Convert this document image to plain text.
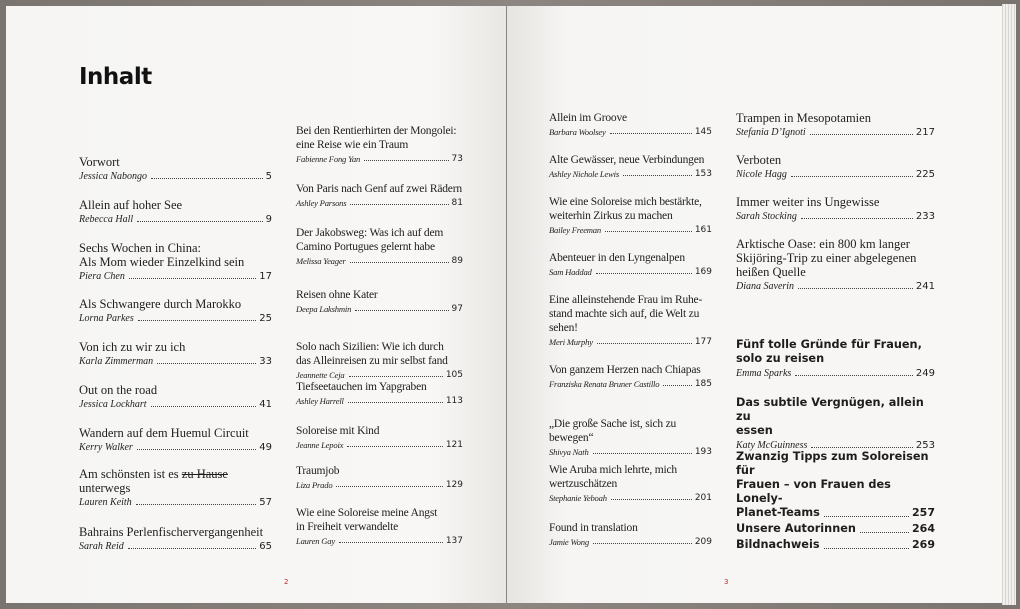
Inhalt
Vorwort
Jessica Nabongo	5
Allein auf hoher See
Rebecca Hall	9
Sechs Wochen in China:
Als Mom wieder Einzelkind sein
Piera Chen	17
Als Schwangere durch Marokko
Lorna Parkes	25
Von ich zu wir zu ich
Karla Zimmerman	33
Out on the road
Jessica Lockhart	41
Wandern auf dem Huemul Circuit
Kerry Walker	49
Am schönsten ist es zu Hause
unterwegs
Lauren Keith	57
Bahrains Perlenfischervergangenheit
Sarah Reid	65
Bei den Rentierhirten der Mongolei:
eine Reise wie ein Traum
Fabienne Fong Yan	73
Von Paris nach Genf auf zwei Rädern
Ashley Parsons	81
Der Jakobsweg: Was ich auf dem
Camino Portugues gelernt habe
Melissa Yeager	89
Reisen ohne Kater
Deepa Lakshmin	97
Solo nach Sizilien: Wie ich durch
das Alleinreisen zu mir selbst fand
Jeannette Ceja	105
Tiefseetauchen im Yapgraben
Ashley Harrell	113
Soloreise mit Kind
Jeanne Lepoix	121
Traumjob
Liza Prado	129
Wie eine Soloreise meine Angst
in Freiheit verwandelte
Lauren Gay	137
Allein im Groove
Barbara Woolsey	145
Alte Gewässer, neue Verbindungen
Ashley Nichole Lewis	153
Wie eine Soloreise mich bestärkte,
weiterhin Zirkus zu machen
Bailey Freeman	161
Abenteuer in den Lyngenalpen
Sam Haddad	169
Eine alleinstehende Frau im Ruhe-
stand machte sich auf, die Welt zu
sehen!
Meri Murphy	177
Von ganzem Herzen nach Chiapas
Franziska Renata Bruner Castillo	185
„Die große Sache ist, sich zu
bewegen“
Shivya Nath	193
Wie Aruba mich lehrte, mich
wertzuschätzen
Stephanie Yeboah	201
Found in translation
Jamie Wong	209
Trampen in Mesopotamien
Stefania D’Ignoti	217
Verboten
Nicole Hagg	225
Immer weiter ins Ungewisse
Sarah Stocking	233
Arktische Oase: ein 800 km langer
Skijöring-Trip zu einer abgelegenen
heißen Quelle
Diana Saverin	241
Fünf tolle Gründe für Frauen,
solo zu reisen
Emma Sparks	249
Das subtile Vergnügen, allein zu
essen
Katy McGuinness	253
Zwanzig Tipps zum Soloreisen für
Frauen – von Frauen des Lonely-
Planet-Teams	257
Unsere Autorinnen	264
Bildnachweis	269
2	3
